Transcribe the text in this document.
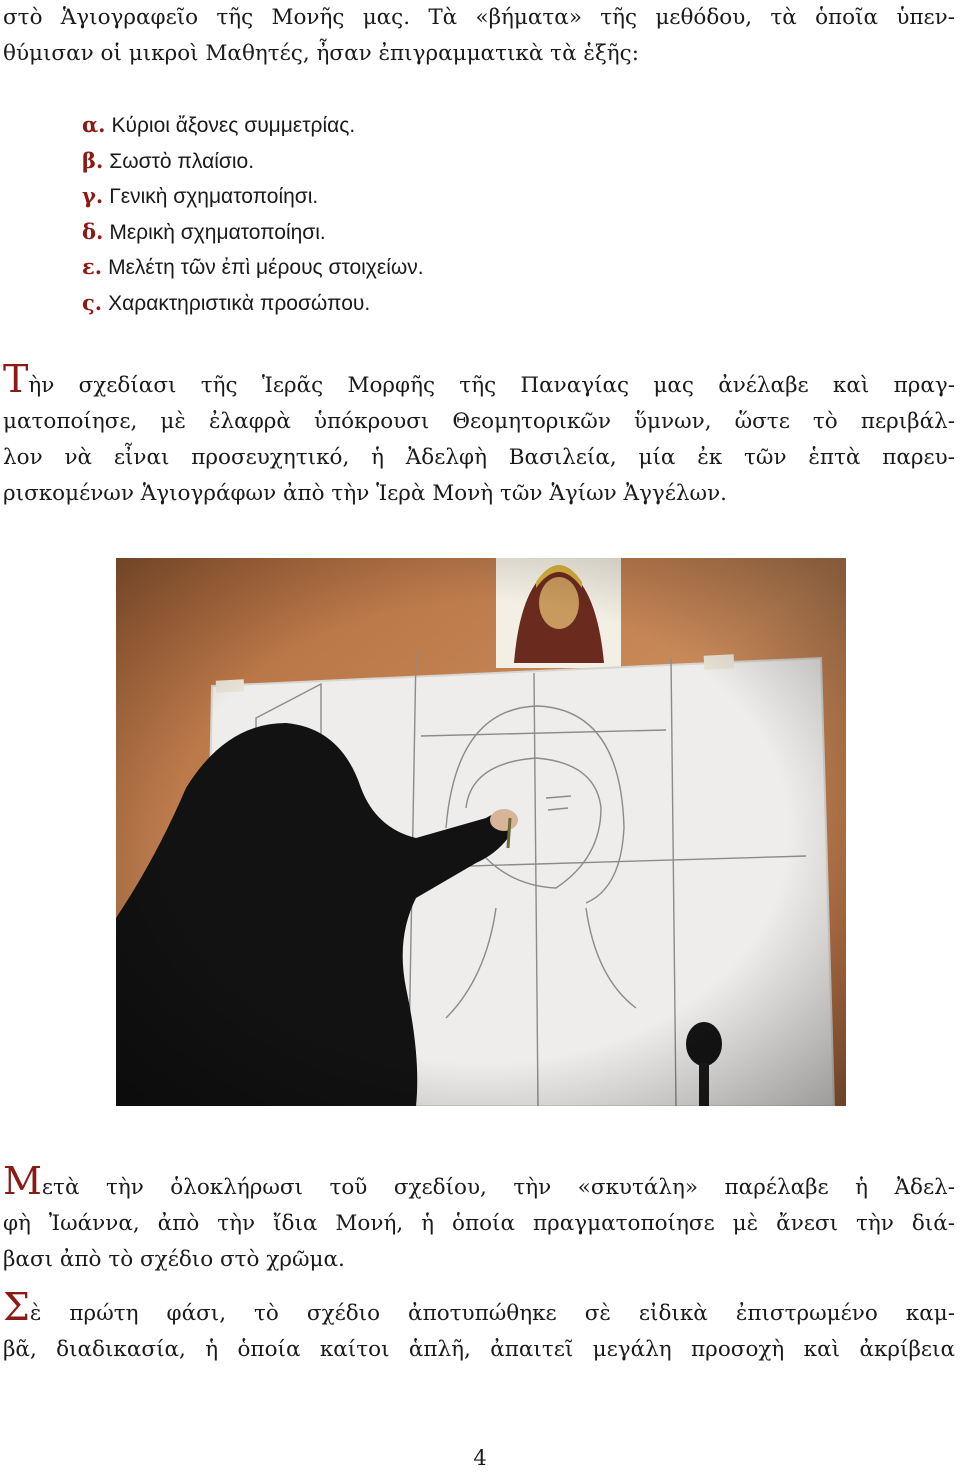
στὸ Ἁγιογραφεῖο τῆς Μονῆς μας. Τὰ «βήματα» τῆς μεθόδου, τὰ ὁποῖα ὑπεν-
θύμισαν οἱ μικροὶ Μαθητές, ἦσαν ἐπιγραμματικὰ τὰ ἑξῆς:
α. Κύριοι ἄξονες συμμετρίας.
β. Σωστὸ πλαίσιο.
γ. Γενικὴ σχηματοποίησι.
δ. Μερικὴ σχηματοποίησι.
ε. Μελέτη τῶν ἐπὶ μέρους στοιχείων.
ς. Χαρακτηριστικὰ προσώπου.
Τὴν σχεδίασι τῆς Ἱερᾶς Μορφῆς τῆς Παναγίας μας ἀνέλαβε καὶ πραγ-
ματοποίησε, μὲ ἐλαφρὰ ὑπόκρουσι Θεομητορικῶν ὕμνων, ὥστε τὸ περιβάλ-
λον νὰ εἶναι προσευχητικό, ἡ Ἀδελφὴ Βασιλεία, μία ἐκ τῶν ἑπτὰ παρευ-
ρισκομένων Ἁγιογράφων ἀπὸ τὴν Ἱερὰ Μονὴ τῶν Ἁγίων Ἀγγέλων.
Μετὰ τὴν ὁλοκλήρωσι τοῦ σχεδίου, τὴν «σκυτάλη» παρέλαβε ἡ Ἀδελ-
φὴ Ἰωάννα, ἀπὸ τὴν ἴδια Μονή, ἡ ὁποία πραγματοποίησε μὲ ἄνεσι τὴν διά-
βασι ἀπὸ τὸ σχέδιο στὸ χρῶμα.
Σὲ πρώτη φάσι, τὸ σχέδιο ἀποτυπώθηκε σὲ εἰδικὰ ἐπιστρωμένο καμ-
βᾶ, διαδικασία, ἡ ὁποία καίτοι ἁπλῆ, ἀπαιτεῖ μεγάλη προσοχὴ καὶ ἀκρίβεια
4
